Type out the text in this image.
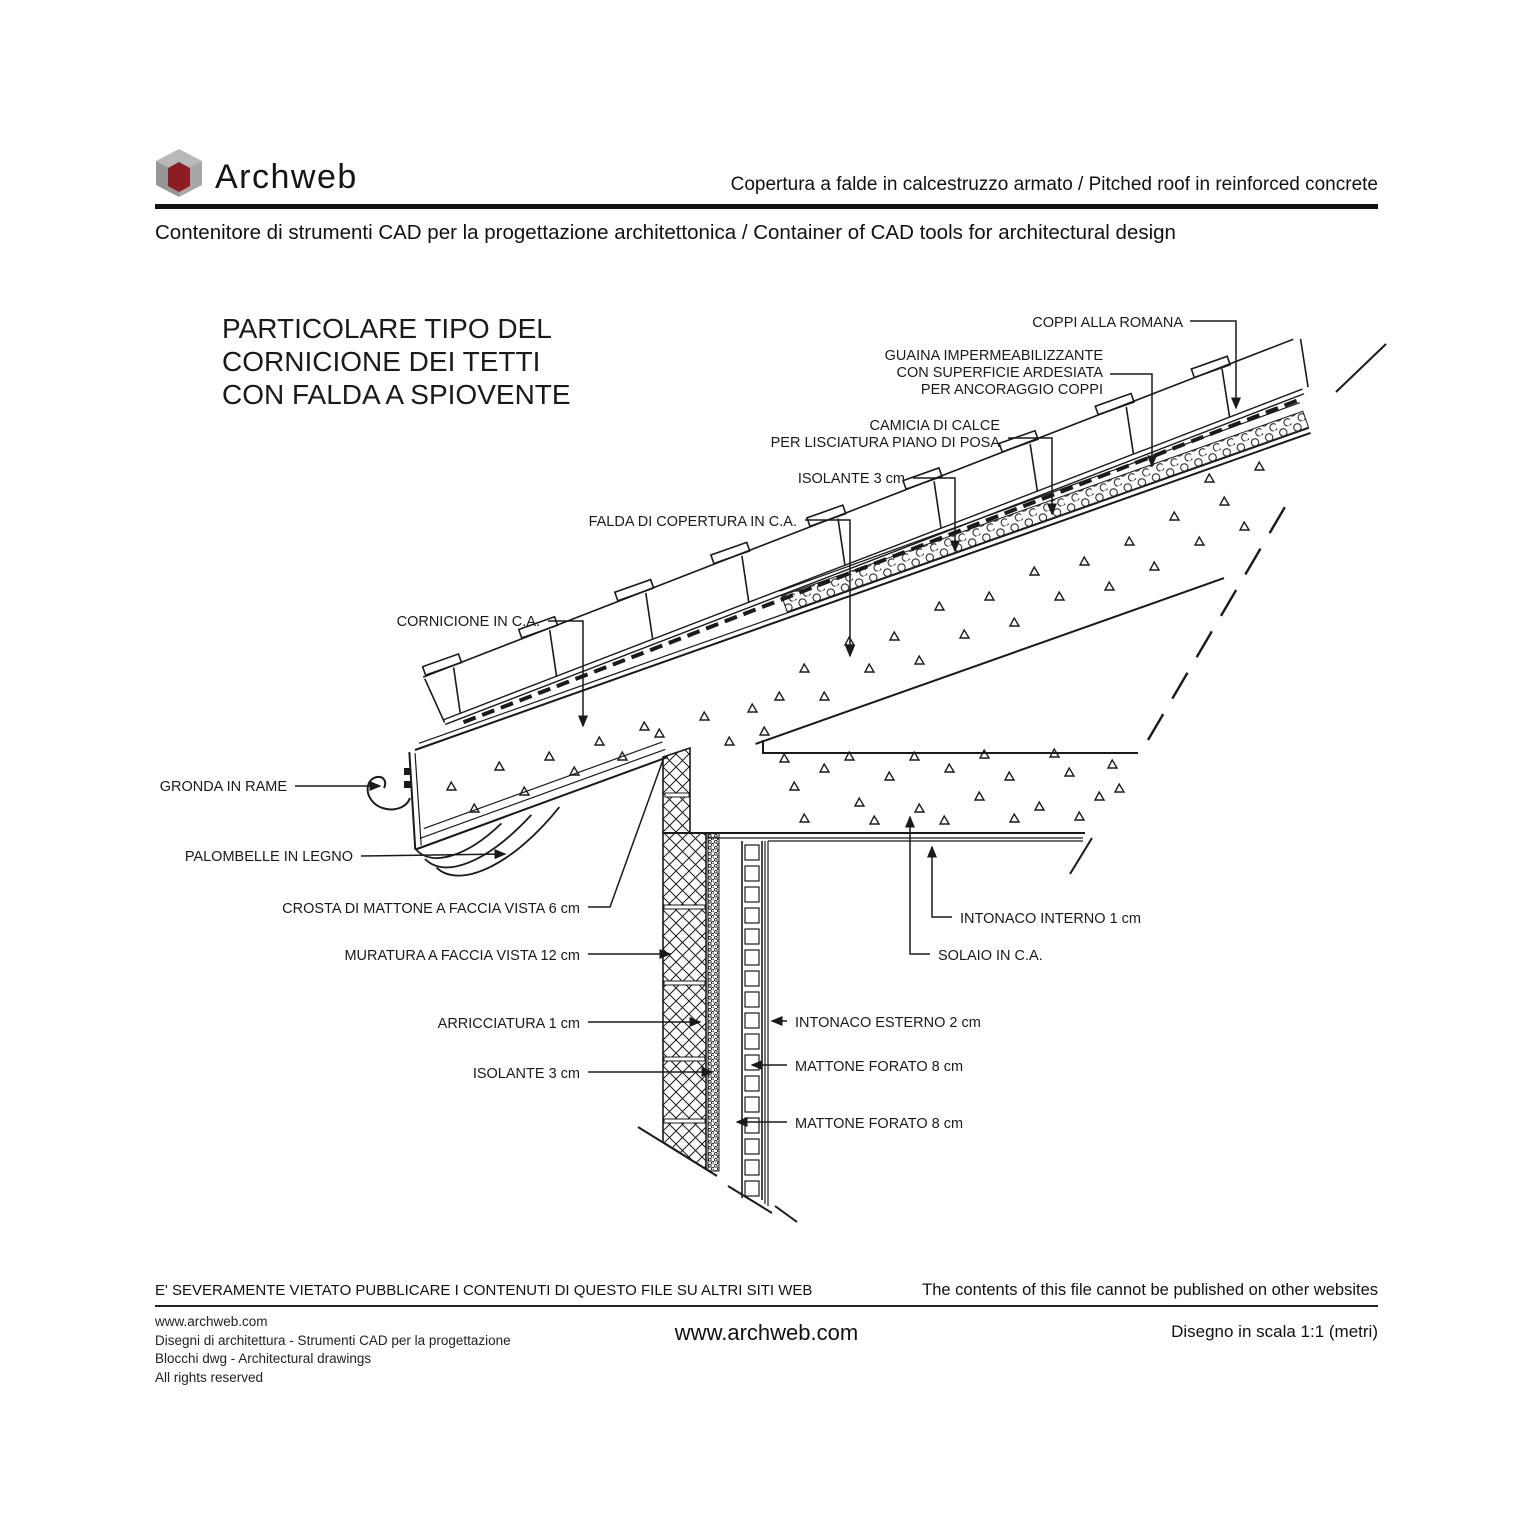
Archweb	Copertura a falde in calcestruzzo armato / Pitched roof in reinforced concrete
Contenitore di strumenti CAD per la progettazione architettonica / Container of CAD tools for architectural design
PARTICOLARE TIPO DEL
CORNICIONE DEI TETTI
CON FALDA A SPIOVENTE
COPPI ALLA ROMANA
GUAINA IMPERMEABILIZZANTE
CON SUPERFICIE ARDESIATA
PER ANCORAGGIO COPPI
CAMICIA DI CALCE
PER LISCIATURA PIANO DI POSA
ISOLANTE 3 cm
FALDA DI COPERTURA IN C.A.
CORNICIONE IN C.A.
GRONDA IN RAME
PALOMBELLE IN LEGNO
CROSTA DI MATTONE A FACCIA VISTA 6 cm
MURATURA A FACCIA VISTA 12 cm
ARRICCIATURA 1 cm
ISOLANTE 3 cm
INTONACO INTERNO 1 cm
SOLAIO IN C.A.
INTONACO ESTERNO 2 cm
MATTONE FORATO 8 cm
MATTONE FORATO 8 cm
E' SEVERAMENTE VIETATO PUBBLICARE I CONTENUTI DI QUESTO FILE SU ALTRI SITI WEB	The contents of this file cannot be published on other websites
www.archweb.com
Disegni di architettura - Strumenti CAD per la progettazione
Blocchi dwg - Architectural drawings
All rights reserved
www.archweb.com	Disegno in scala 1:1 (metri)
